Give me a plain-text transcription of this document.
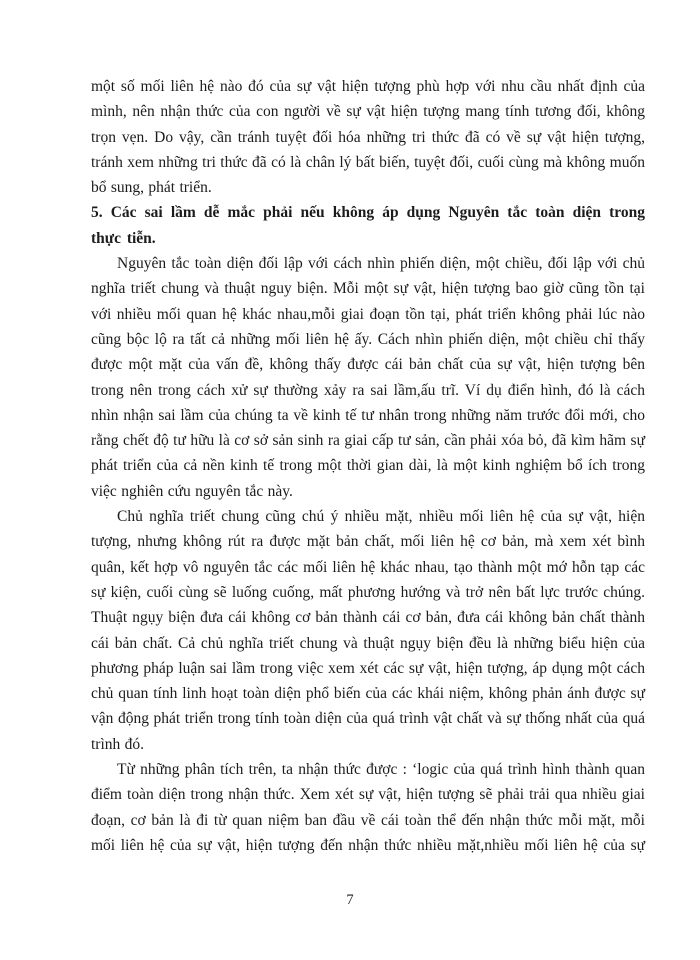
một số mối liên hệ nào đó của sự vật hiện tượng phù hợp với nhu cầu nhất định của mình, nên nhận thức của con người về sự vật hiện tượng mang tính tương đối, không trọn vẹn. Do vậy, cần tránh tuyệt đối hóa những tri thức đã có về sự vật hiện tượng, tránh xem những tri thức đã có là chân lý bất biến, tuyệt đối, cuối cùng mà không muốn bổ sung, phát triển.

5. Các sai lầm dễ mắc phải nếu không áp dụng Nguyên tắc toàn diện trong thực tiễn.

Nguyên tắc toàn diện đối lập với cách nhìn phiến diện, một chiều, đối lập với chủ nghĩa triết chung và thuật nguy biện. Mỗi một sự vật, hiện tượng bao giờ cũng tồn tại với nhiều mối quan hệ khác nhau,mỗi giai đoạn tồn tại, phát triển không phải lúc nào cũng bộc lộ ra tất cả những mối liên hệ ấy. Cách nhìn phiến diện, một chiều chỉ thấy được một mặt của vấn đề, không thấy được cái bản chất của sự vật, hiện tượng bên trong nên trong cách xử sự thường xảy ra sai lầm,ấu trĩ. Ví dụ điển hình, đó là cách nhìn nhận sai lầm của chúng ta về kinh tế tư nhân trong những năm trước đổi mới, cho rằng chết độ tư hữu là cơ sở sản sinh ra giai cấp tư sản, cần phải xóa bỏ, đã kìm hãm sự phát triển của cả nền kinh tế trong một thời gian dài, là một kinh nghiệm bổ ích trong việc nghiên cứu nguyên tắc này.

Chủ nghĩa triết chung cũng chú ý nhiều mặt, nhiều mối liên hệ của sự vật, hiện tượng, nhưng không rút ra được mặt bản chất, mối liên hệ cơ bản, mà xem xét bình quân, kết hợp vô nguyên tắc các mối liên hệ khác nhau, tạo thành một mớ hỗn tạp các sự kiện, cuối cùng sẽ luống cuống, mất phương hướng và trở nên bất lực trước chúng. Thuật ngụy biện đưa cái không cơ bản thành cái cơ bản, đưa cái không bản chất thành cái bản chất. Cả chủ nghĩa triết chung và thuật ngụy biện đều là những biểu hiện của phương pháp luận sai lầm trong việc xem xét các sự vật, hiện tượng, áp dụng một cách chủ quan tính linh hoạt toàn diện phổ biến của các khái niệm, không phản ánh được sự vận động phát triển trong tính toàn diện của quá trình vật chất và sự thống nhất của quá trình đó.

Từ những phân tích trên, ta nhận thức được : ‘logic của quá trình hình thành quan điểm toàn diện trong nhận thức. Xem xét sự vật, hiện tượng sẽ phải trải qua nhiều giai đoạn, cơ bản là đi từ quan niệm ban đầu về cái toàn thể đến nhận thức mỗi mặt, mỗi mối liên hệ của sự vật, hiện tượng đến nhận thức nhiều mặt,nhiều mối liên hệ của sự

7
